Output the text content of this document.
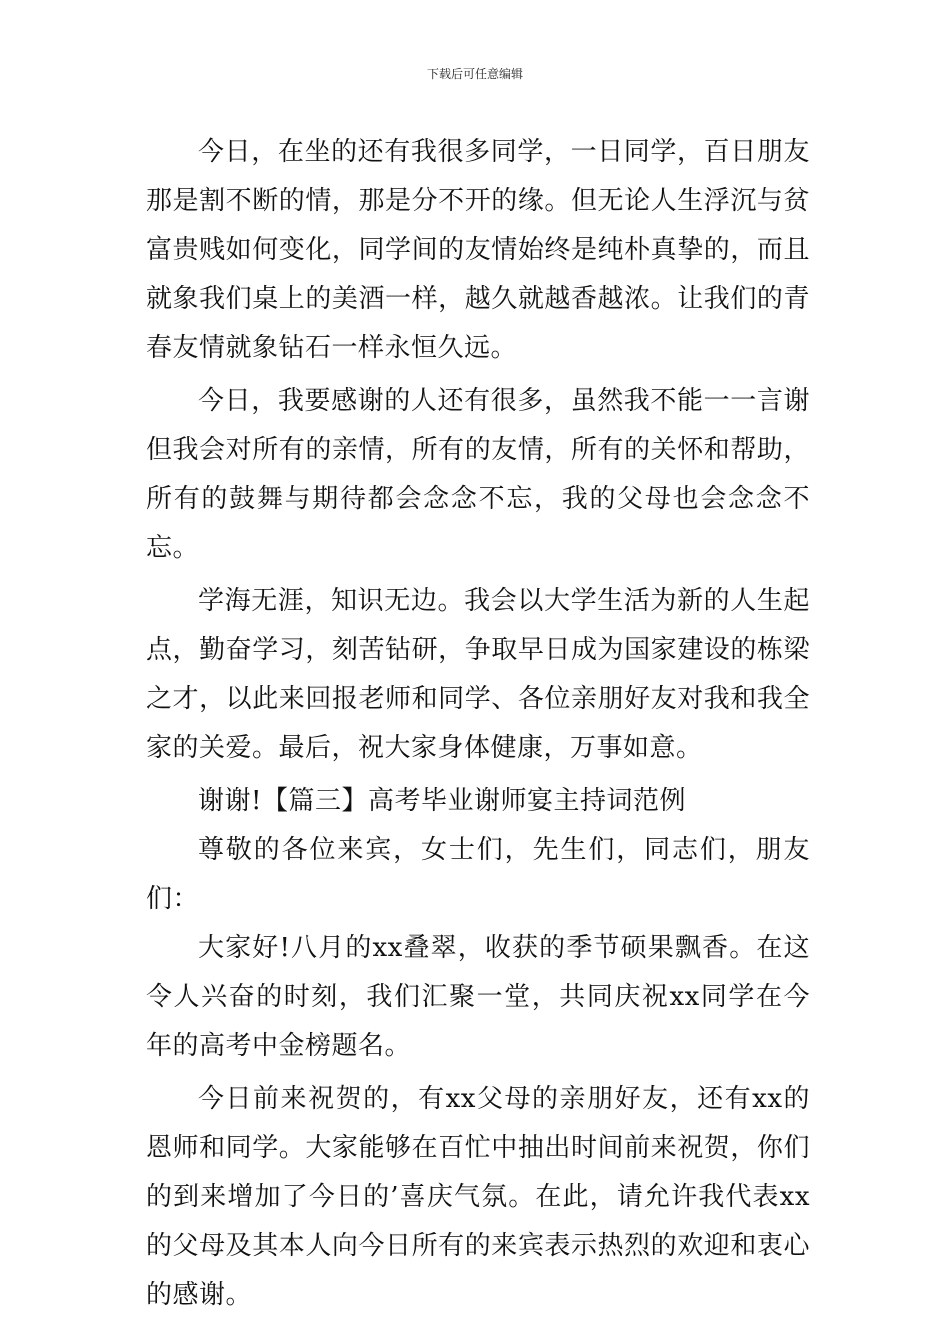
下载后可任意编辑

今日，在坐的还有我很多同学，一日同学，百日朋友那是割不断的情，那是分不开的缘。但无论人生浮沉与贫富贵贱如何变化，同学间的友情始终是纯朴真挚的，而且就象我们桌上的美酒一样，越久就越香越浓。让我们的青春友情就象钻石一样永恒久远。

今日，我要感谢的人还有很多，虽然我不能一一言谢但我会对所有的亲情，所有的友情，所有的关怀和帮助，所有的鼓舞与期待都会念念不忘，我的父母也会念念不忘。

学海无涯，知识无边。我会以大学生活为新的人生起点，勤奋学习，刻苦钻研，争取早日成为国家建设的栋梁之才，以此来回报老师和同学、各位亲朋好友对我和我全家的关爱。最后，祝大家身体健康，万事如意。

谢谢!【篇三】高考毕业谢师宴主持词范例

尊敬的各位来宾，女士们，先生们，同志们，朋友们：

大家好!八月的xx叠翠，收获的季节硕果飘香。在这令人兴奋的时刻，我们汇聚一堂，共同庆祝xx同学在今年的高考中金榜题名。

今日前来祝贺的，有xx父母的亲朋好友，还有xx的恩师和同学。大家能够在百忙中抽出时间前来祝贺，你们的到来增加了今日的’喜庆气氛。在此，请允许我代表xx的父母及其本人向今日所有的来宾表示热烈的欢迎和衷心的感谢。
